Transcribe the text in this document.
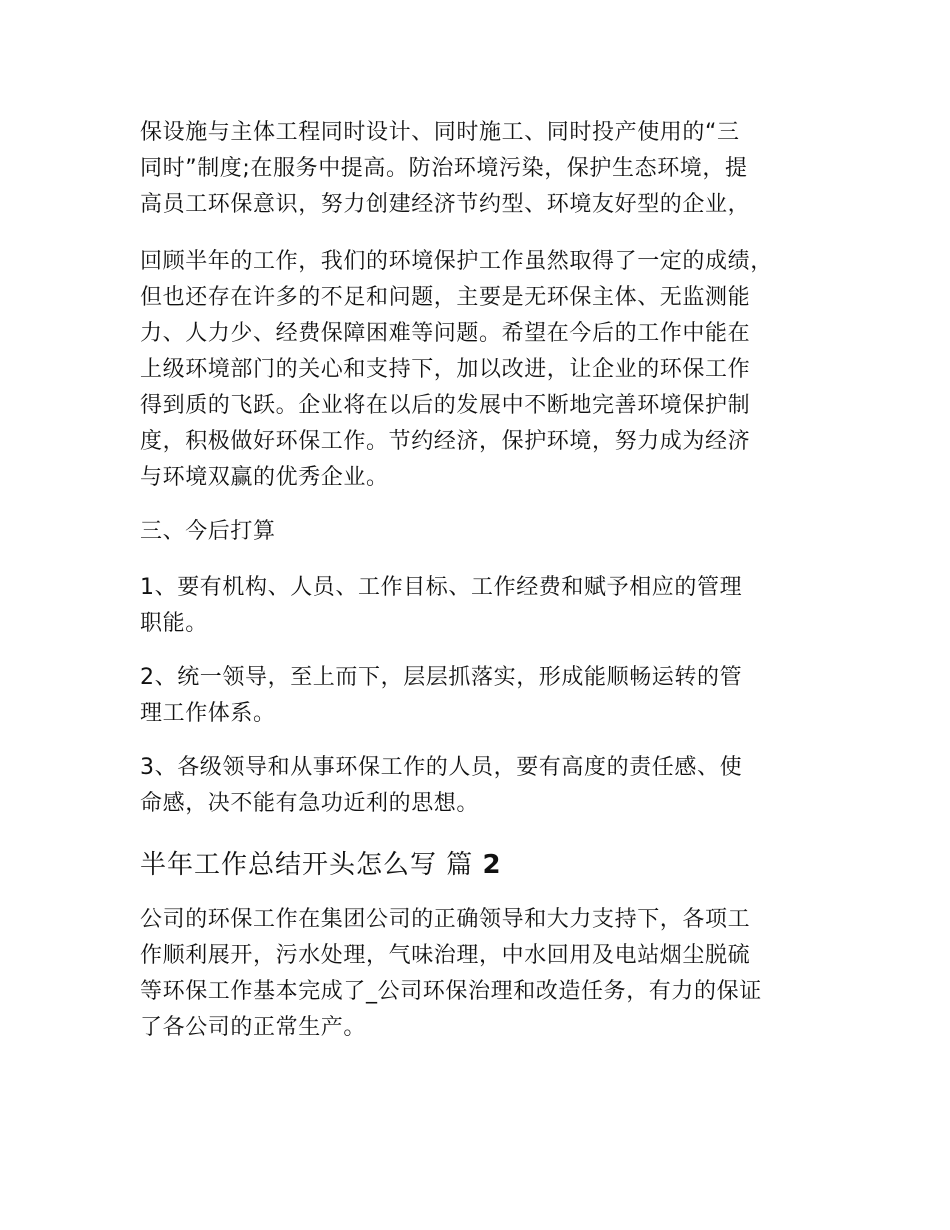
保设施与主体工程同时设计、同时施工、同时投产使用的“三
同时”制度;在服务中提高。防治环境污染，保护生态环境，提
高员工环保意识，努力创建经济节约型、环境友好型的企业，
回顾半年的工作，我们的环境保护工作虽然取得了一定的成绩，
但也还存在许多的不足和问题，主要是无环保主体、无监测能
力、人力少、经费保障困难等问题。希望在今后的工作中能在
上级环境部门的关心和支持下，加以改进，让企业的环保工作
得到质的飞跃。企业将在以后的发展中不断地完善环境保护制
度，积极做好环保工作。节约经济，保护环境，努力成为经济
与环境双赢的优秀企业。
三、今后打算
1、要有机构、人员、工作目标、工作经费和赋予相应的管理
职能。
2、统一领导，至上而下，层层抓落实，形成能顺畅运转的管
理工作体系。
3、各级领导和从事环保工作的人员，要有高度的责任感、使
命感，决不能有急功近利的思想。
半年工作总结开头怎么写 篇 2
公司的环保工作在集团公司的正确领导和大力支持下，各项工
作顺利展开，污水处理，气味治理，中水回用及电站烟尘脱硫
等环保工作基本完成了_公司环保治理和改造任务，有力的保证
了各公司的正常生产。
